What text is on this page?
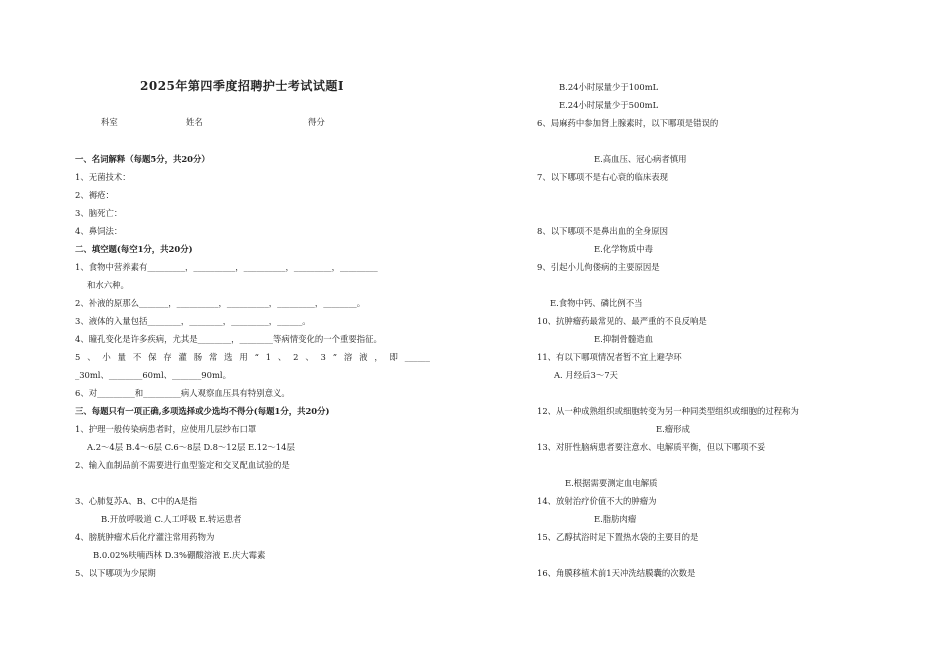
2025年第四季度招聘护士考试试题Ⅰ
科室	姓名	得分
一、名词解释（每题5分，共20分）
1、无菌技术：
2、褥疮：
3、脑死亡：
4、鼻饲法：
二、填空题(每空1分，共20分)
1、食物中营养素有_________，__________，__________，_________，_________
和水六种。
2、补液的原那么_______，__________，__________，_________，________。
3、液体的入量包括________，________，_________，______。
4、瞳孔变化是许多疾病，尤其是________，________等病情变化的一个重要指征。
5 、 小 量 不 保 存 灌 肠 常 选 用 “ 1 、 2 、 3 ” 溶 液 ， 即 ______
_30ml、________60ml、_______90ml。
6、对_________和_________病人观察血压具有特别意义。
三、每题只有一项正确,多项选择或少选均不得分(每题1分，共20分)
1、护理一般传染病患者时，应使用几层纱布口罩
A.2～4层 B.4～6层 C.6～8层 D.8～12层 E.12～14层
2、输入血制品前不需要进行血型鉴定和交叉配血试验的是
3、心肺复苏A、B、C中的A是指
B.开放呼吸道 C.人工呼吸 E.转运患者
4、膀胱肿瘤术后化疗灌注常用药物为
B.0.02%呋喃西林 D.3%硼酸溶液 E.庆大霉素
5、以下哪项为少尿期
B.24小时尿量少于100mL
E.24小时尿量少于500mL
6、局麻药中参加肾上腺素时，以下哪项是错误的
E.高血压、冠心病者慎用
7、以下哪项不是右心衰的临床表现
8、以下哪项不是鼻出血的全身原因
E.化学物质中毒
9、引起小儿佝偻病的主要原因是
E.食物中钙、磷比例不当
10、抗肿瘤药最常见的、最严重的不良反响是
E.抑制骨髓造血
11、有以下哪项情况者暂不宜上避孕环
A. 月经后3～7天
12、从一种成熟组织或细胞转变为另一种同类型组织或细胞的过程称为
E.瘤形成
13、对肝性脑病患者要注意水、电解质平衡，但以下哪项不妥
E.根据需要测定血电解质
14、放射治疗价值不大的肿瘤为
E.脂肪肉瘤
15、乙醇拭浴时足下置热水袋的主要目的是
16、角膜移植术前1天冲洗结膜囊的次数是
